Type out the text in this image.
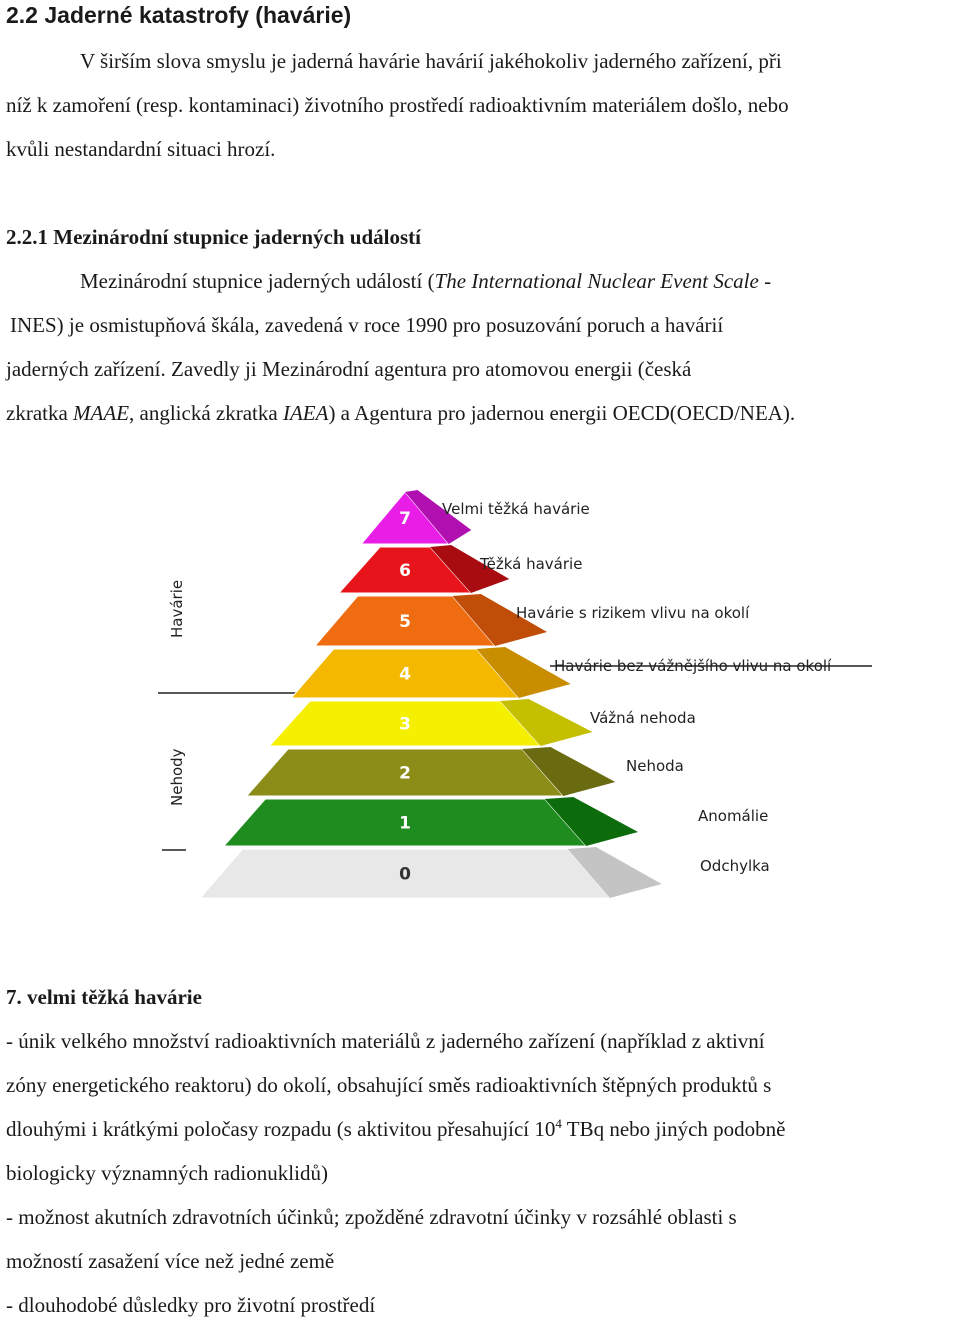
2.2 Jaderné katastrofy (havárie)

V širším slova smyslu je jaderná havárie havárií jakéhokoliv jaderného zařízení, při

níž k zamoření (resp. kontaminaci) životního prostředí radioaktivním materiálem došlo, nebo

kvůli nestandardní situaci hrozí.

2.2.1 Mezinárodní stupnice jaderných událostí

Mezinárodní stupnice jaderných událostí (The International Nuclear Event Scale -

INES) je osmistupňová škála, zavedená v roce 1990 pro posuzování poruch a havárií

jaderných zařízení. Zavedly ji Mezinárodní agentura pro atomovou energii (česká

zkratka MAAE, anglická zkratka IAEA) a Agentura pro jadernou energii OECD(OECD/NEA).

Havárie
Nehody
7 Velmi těžká havárie
6	Těžká havárie
5	Havárie s rizikem vlivu na okolí
4	Havárie bez vážnějšího vlivu na okolí
3	Vážná nehoda
2	Nehoda
1	Anomálie
0	Odchylka
7. velmi těžká havárie

- únik velkého množství radioaktivních materiálů z jaderného zařízení (například z aktivní

zóny energetického reaktoru) do okolí, obsahující směs radioaktivních štěpných produktů s

dlouhými i krátkými poločasy rozpadu (s aktivitou přesahující $10^4$ TBq nebo jiných podobně

biologicky významných radionuklidů)

- možnost akutních zdravotních účinků; zpožděné zdravotní účinky v rozsáhlé oblasti s

možností zasažení více než jedné země

- dlouhodobé důsledky pro životní prostředí
